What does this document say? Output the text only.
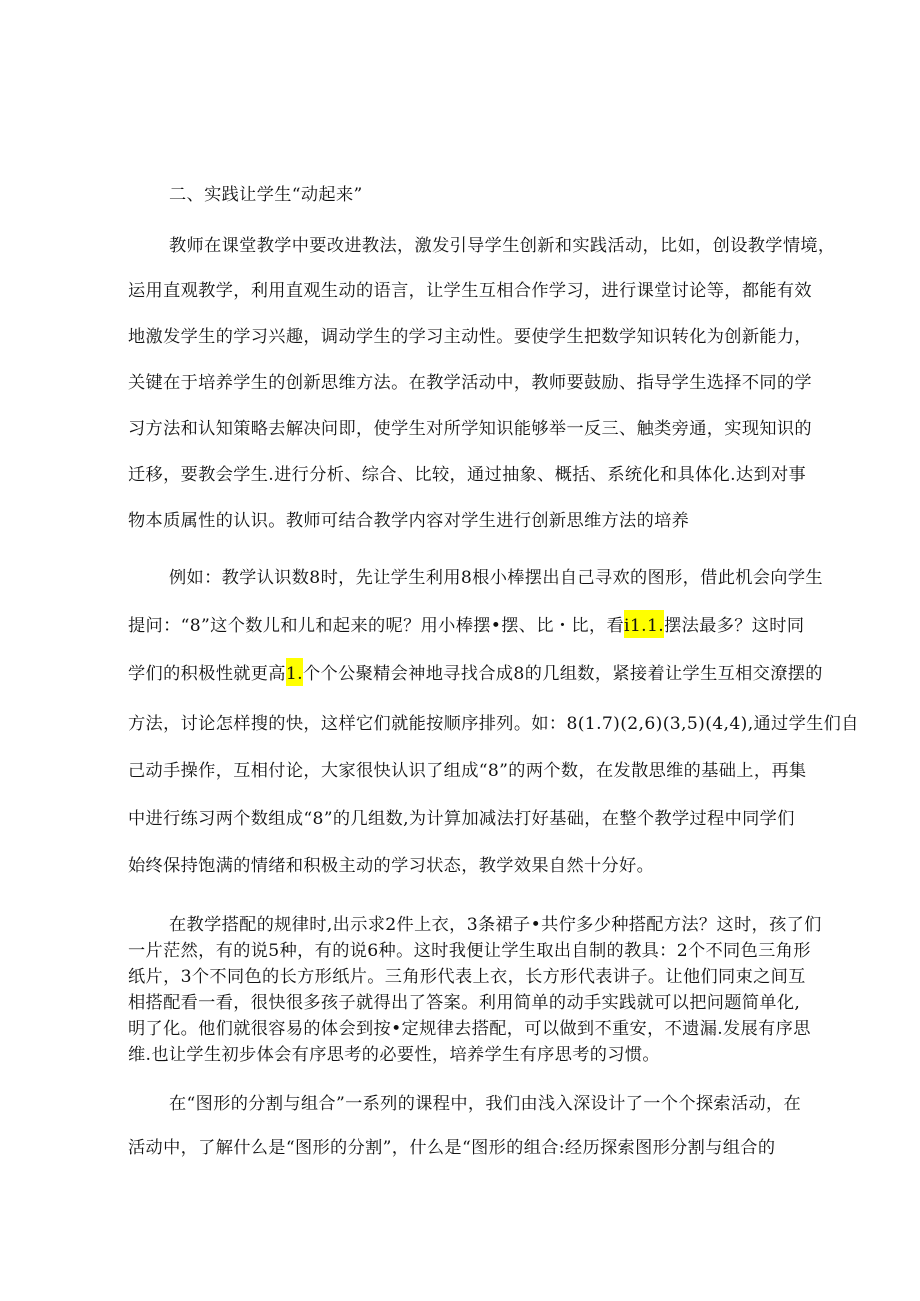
二、实践让学生“动起来”
教师在课堂教学中要改进教法，激发引导学生创新和实践活动，比如，创设教学情境，
运用直观教学，利用直观生动的语言，让学生互相合作学习，进行课堂讨论等，都能有效
地激发学生的学习兴趣，调动学生的学习主动性。要使学生把数学知识转化为创新能力，
关键在于培养学生的创新思维方法。在教学活动中，教师要鼓励、指导学生选择不同的学
习方法和认知策略去解决问即，使学生对所学知识能够举一反三、触类旁通，实现知识的
迁移，要教会学生.进行分析、综合、比较，通过抽象、概括、系统化和具体化.达到对事
物本质属性的认识。教师可结合教学内容对学生进行创新思维方法的培养
例如：教学认识数8时，先让学生利用8根小棒摆出自己寻欢的图形，借此机会向学生
提问：“8”这个数儿和儿和起来的呢？用小棒摆•摆、比・比，看i1.1.摆法最多？这时同
学们的积极性就更高1.个个公聚精会神地寻找合成8的几组数，紧接着让学生互相交潦摆的
方法，讨论怎样搜的快，这样它们就能按顺序排列。如：8(1.7)(2,6)(3,5)(4,4),通过学生们自
己动手操作，互相付论，大家很快认识了组成“8”的两个数，在发散思维的基础上，再集
中进行练习两个数组成“8”的几组数,为计算加减法打好基础，在整个教学过程中同学们
始终保持饱满的情绪和积极主动的学习状态，教学效果自然十分好。
在教学搭配的规律时,出示求2件上衣，3条裙子•共佇多少种搭配方法？这时，孩了们
一片茫然，有的说5种，有的说6种。这时我便让学生取出自制的教具：2个不同色三角形
纸片，3个不同色的长方形纸片。三角形代表上衣，长方形代表讲子。让他们同束之间互
相搭配看一看，很快很多孩子就得出了答案。利用简单的动手实践就可以把问题简单化,
明了化。他们就很容易的体会到按•定规律去搭配，可以做到不重安，不遗漏.发展有序思
维.也让学生初步体会有序思考的必要性，培养学生有序思考的习惯。
在“图形的分割与组合”一系列的课程中，我们由浅入深设计了一个个探索活动，在
活动中，了解什么是“图形的分割”，什么是“图形的组合:经历探索图形分割与组合的
